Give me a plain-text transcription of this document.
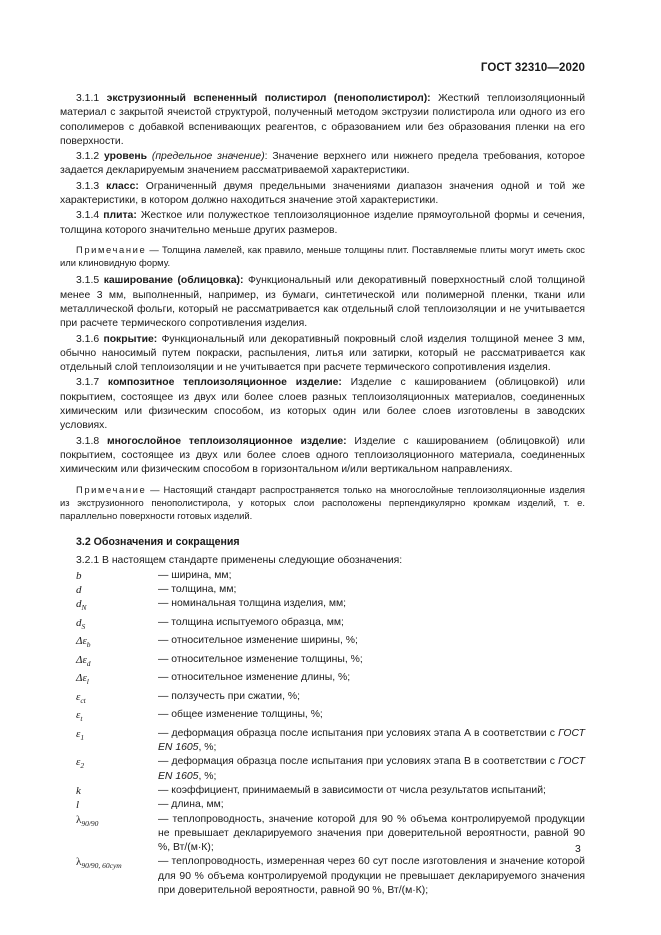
ГОСТ 32310—2020

3.1.1 экструзионный вспененный полистирол (пенополистирол): Жесткий теплоизоляционный материал с закрытой ячеистой структурой, полученный методом экструзии полистирола или одного из его сополимеров с добавкой вспенивающих реагентов, с образованием или без образования пленки на его поверхности.

3.1.2 уровень (предельное значение): Значение верхнего или нижнего предела требования, которое задается декларируемым значением рассматриваемой характеристики.

3.1.3 класс: Ограниченный двумя предельными значениями диапазон значения одной и той же характеристики, в котором должно находиться значение этой характеристики.

3.1.4 плита: Жесткое или полужесткое теплоизоляционное изделие прямоугольной формы и сечения, толщина которого значительно меньше других размеров.

Примечание — Толщина ламелей, как правило, меньше толщины плит. Поставляемые плиты могут иметь скос или клиновидную форму.

3.1.5 кaширование (облицовка): Функциональный или декоративный поверхностный слой толщиной менее 3 мм, выполненный, например, из бумаги, синтетической или полимерной пленки, ткани или металлической фольги, который не рассматривается как отдельный слой теплоизоляции и не учитывается при расчете термического сопротивления изделия.

3.1.6 покрытие: Функциональный или декоративный покровный слой изделия толщиной менее 3 мм, обычно наносимый путем покраски, распыления, литья или затирки, который не рассматривается как отдельный слой теплоизоляции и не учитывается при расчете термического сопротивления изделия.

3.1.7 композитное теплоизоляционное изделие: Изделие с кашированием (облицовкой) или покрытием, состоящее из двух или более слоев разных теплоизоляционных материалов, соединенных химическим или физическим способом, из которых один или более слоев изготовлены в заводских условиях.

3.1.8 многослойное теплоизоляционное изделие: Изделие с кашированием (облицовкой) или покрытием, состоящее из двух или более слоев одного теплоизоляционного материала, соединенных химическим или физическим способом в горизонтальном и/или вертикальном направлениях.

Примечание — Настоящий стандарт распространяется только на многослойные теплоизоляционные изделия из экструзионного пенополистирола, у которых слои расположены перпендикулярно кромкам изделий, т. е. параллельно поверхности готовых изделий.

3.2 Обозначения и сокращения

3.2.1 В настоящем стандарте применены следующие обозначения:

b	— ширина, мм;
d	— толщина, мм;
$d_N$	— номинальная толщина изделия, мм;
$d_S$	— толщина испытуемого образца, мм;
$\Delta\varepsilon_b$	— относительное изменение ширины, %;
$\Delta\varepsilon_d$	— относительное изменение толщины, %;
$\Delta\varepsilon_l$	— относительное изменение длины, %;
$\varepsilon_{ct}$	— ползучесть при сжатии, %;
$\varepsilon_t$	— общее изменение толщины, %;
$\varepsilon_1$	— деформация образца после испытания при условиях этапа А в соответствии с ГОСТ EN 1605, %;
$\varepsilon_2$	— деформация образца после испытания при условиях этапа В в соответствии с ГОСТ EN 1605, %;
k	— коэффициент, принимаемый в зависимости от числа результатов испытаний;
l	— длина, мм;
$\lambda_{90/90}$	— теплопроводность, значение которой для 90 % объема контролируемой продукции не превышает декларируемого значения при доверительной вероятности, равной 90 %, Вт/(м·К);
$\lambda_{90/90, 60сут}$	— теплопроводность, измеренная через 60 сут после изготовления и значение которой для 90 % объема контролируемой продукции не превышает декларируемого значения при доверительной вероятности, равной 90 %, Вт/(м·К);
3
